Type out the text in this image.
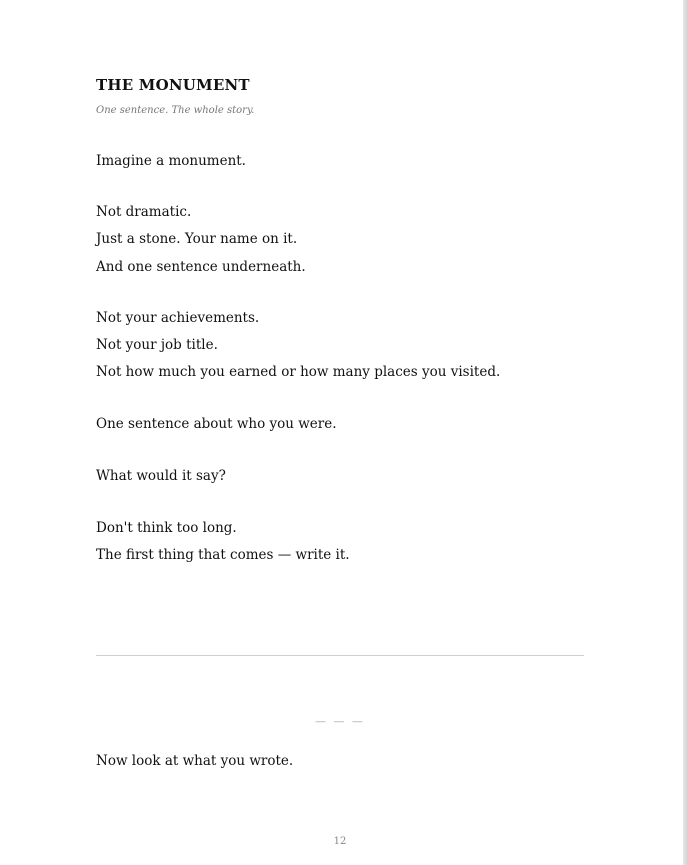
THE MONUMENT

One sentence. The whole story.

Imagine a monument.

Not dramatic.

Just a stone. Your name on it.

And one sentence underneath.

Not your achievements.

Not your job title.

Not how much you earned or how many places you visited.

One sentence about who you were.

What would it say?

Don't think too long.

The first thing that comes — write it.

— — —

Now look at what you wrote.

12
